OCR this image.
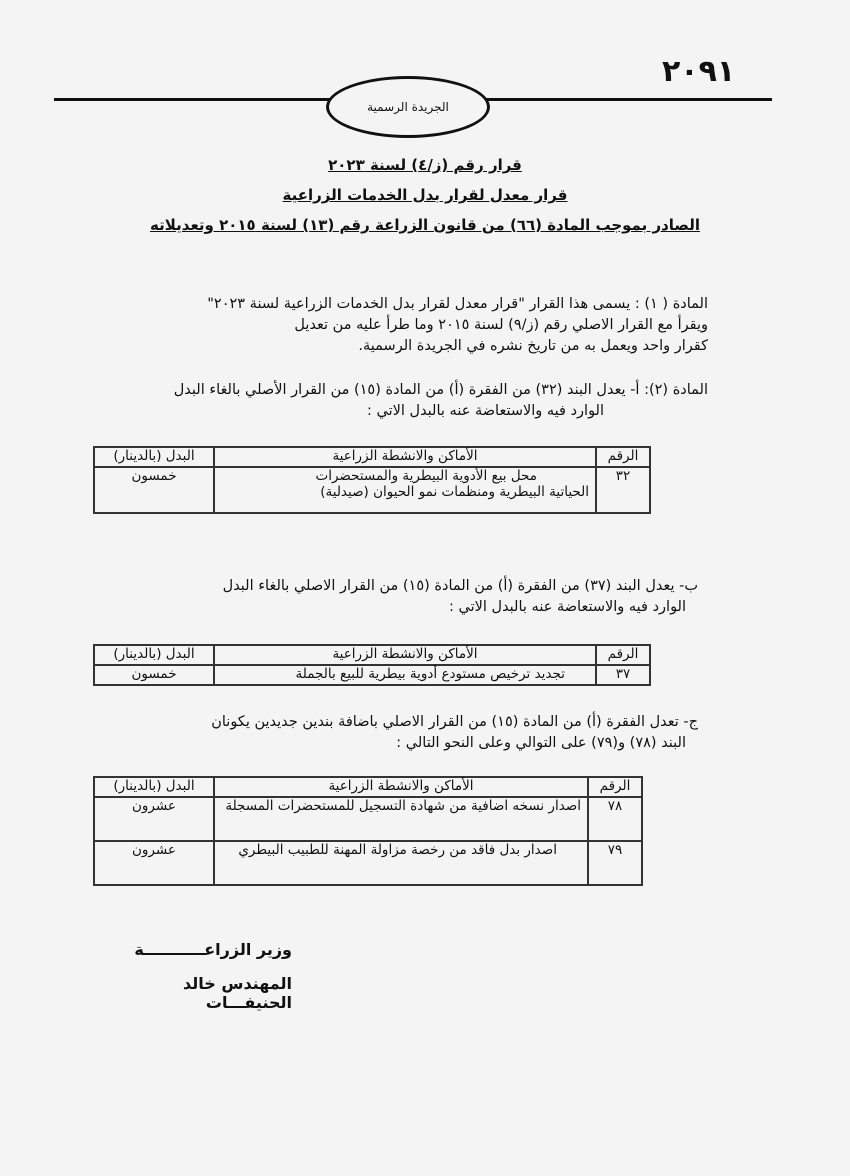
٢٠٩١
الجريدة الرسمية
قرار رقم (ز/٤) لسنة ٢٠٢٣
قرار معدل لقرار بدل الخدمات الزراعية
الصادر بموجب المادة (٦٦) من قانون الزراعة رقم (١٣) لسنة ٢٠١٥ وتعديلاته
المادة ( ١) : يسمى هذا القرار "قرار معدل لقرار بدل الخدمات الزراعية لسنة ٢٠٢٣"
ويقرأ مع القرار الاصلي رقم (ز/٩) لسنة ٢٠١٥ وما طرأ عليه من تعديل
كقرار واحد ويعمل به من تاريخ نشره في الجريدة الرسمية.
المادة (٢): أ- يعدل البند (٣٢) من الفقرة (أ) من المادة (١٥) من القرار الأصلي بالغاء البدل
الوارد فيه والاستعاضة عنه بالبدل الاتي :
الرقم	الأماكن والانشطة الزراعية	البدل (بالدينار)
٣٢	محل بيع الأدوية البيطرية والمستحضرات
الحياتية البيطرية ومنظمات نمو الحيوان (صيدلية)	خمسون
ب- يعدل البند (٣٧) من الفقرة (أ) من المادة (١٥) من القرار الاصلي بالغاء البدل
الوارد فيه والاستعاضة عنه بالبدل الاتي :
الرقم	الأماكن والانشطة الزراعية	البدل (بالدينار)
٣٧	تجديد ترخيص مستودع أدوية بيطرية للبيع بالجملة	خمسون
ج- تعدل الفقرة (أ) من المادة (١٥) من القرار الاصلي باضافة بندين جديدين يكونان
البند (٧٨) و(٧٩) على التوالي وعلى النحو التالي :
الرقم	الأماكن والانشطة الزراعية	البدل (بالدينار)
٧٨	اصدار نسخه اضافية من شهادة التسجيل للمستحضرات المسجلة	عشرون
٧٩	اصدار بدل فاقد من رخصة مزاولة المهنة للطبيب البيطري	عشرون
وزير الزراعـــــــــــة
المهندس خالد الحنيفـــات
